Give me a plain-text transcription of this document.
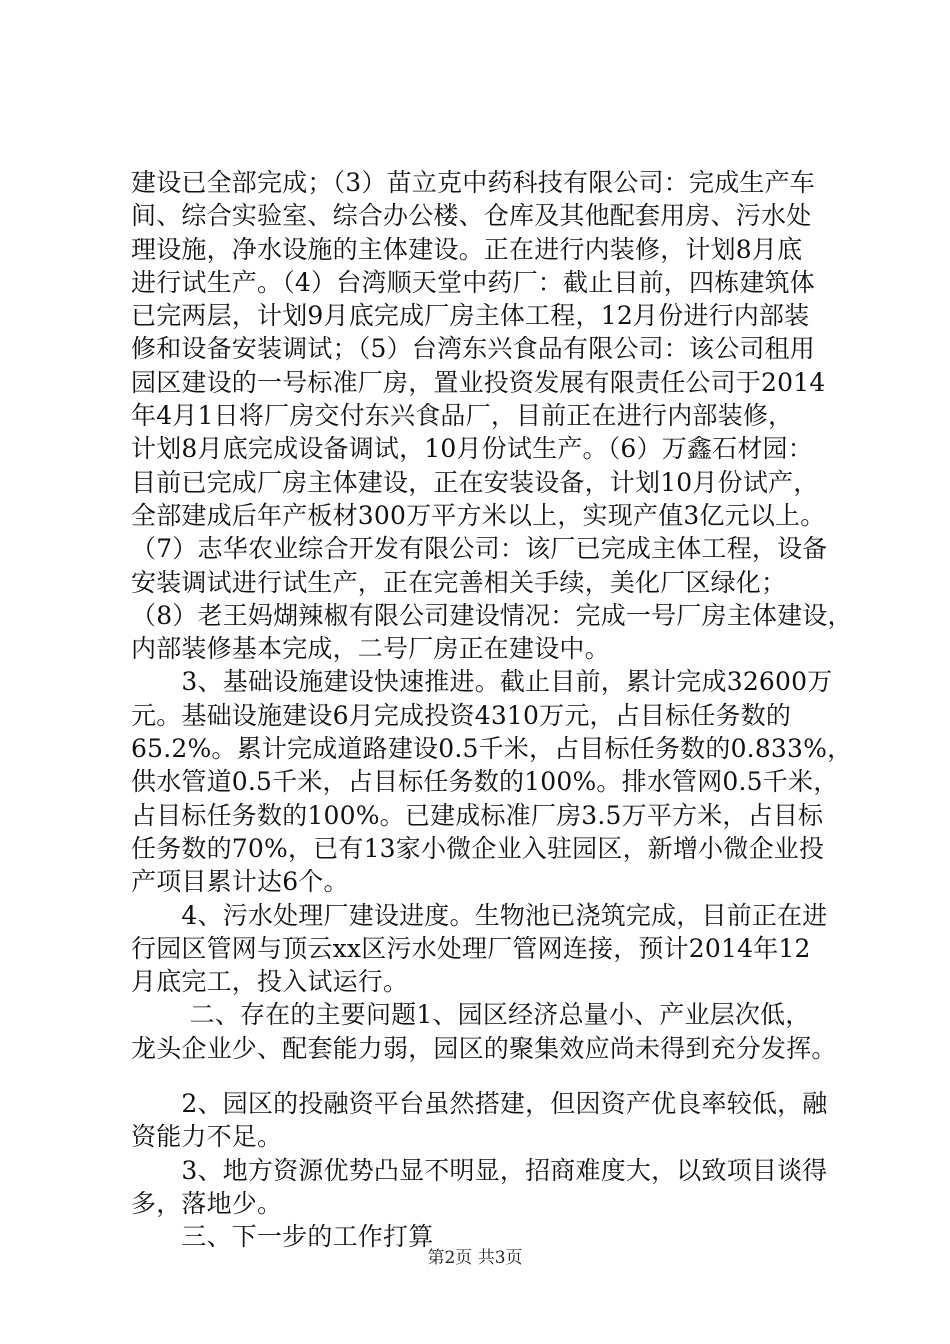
建设已全部完成；（3）苗立克中药科技有限公司：完成生产车
间、综合实验室、综合办公楼、仓库及其他配套用房、污水处
理设施，净水设施的主体建设。正在进行内装修，计划8月底
进行试生产。（4）台湾顺天堂中药厂：截止目前，四栋建筑体
已完两层，计划9月底完成厂房主体工程，12月份进行内部装
修和设备安装调试；（5）台湾东兴食品有限公司：该公司租用
园区建设的一号标准厂房，置业投资发展有限责任公司于2014
年4月1日将厂房交付东兴食品厂，目前正在进行内部装修，
计划8月底完成设备调试，10月份试生产。（6）万鑫石材园：
目前已完成厂房主体建设，正在安装设备，计划10月份试产，
全部建成后年产板材300万平方米以上，实现产值3亿元以上。
（7）志华农业综合开发有限公司：该厂已完成主体工程，设备
安装调试进行试生产，正在完善相关手续，美化厂区绿化；
（8）老王妈煳辣椒有限公司建设情况：完成一号厂房主体建设，
内部装修基本完成，二号厂房正在建设中。
　　3、基础设施建设快速推进。截止目前，累计完成32600万
元。基础设施建设6月完成投资4310万元，占目标任务数的
65.2%。累计完成道路建设0.5千米，占目标任务数的0.833%，
供水管道0.5千米，占目标任务数的100%。排水管网0.5千米，
占目标任务数的100%。已建成标准厂房3.5万平方米，占目标
任务数的70%，已有13家小微企业入驻园区，新增小微企业投
产项目累计达6个。
　　4、污水处理厂建设进度。生物池已浇筑完成，目前正在进
行园区管网与顶云xx区污水处理厂管网连接，预计2014年12
月底完工，投入试运行。
　　 二、存在的主要问题1、园区经济总量小、产业层次低，
龙头企业少、配套能力弱，园区的聚集效应尚未得到充分发挥。
　　2、园区的投融资平台虽然搭建，但因资产优良率较低，融
资能力不足。
　　3、地方资源优势凸显不明显，招商难度大，以致项目谈得
多，落地少。
　　三、下一步的工作打算
第2页 共3页
